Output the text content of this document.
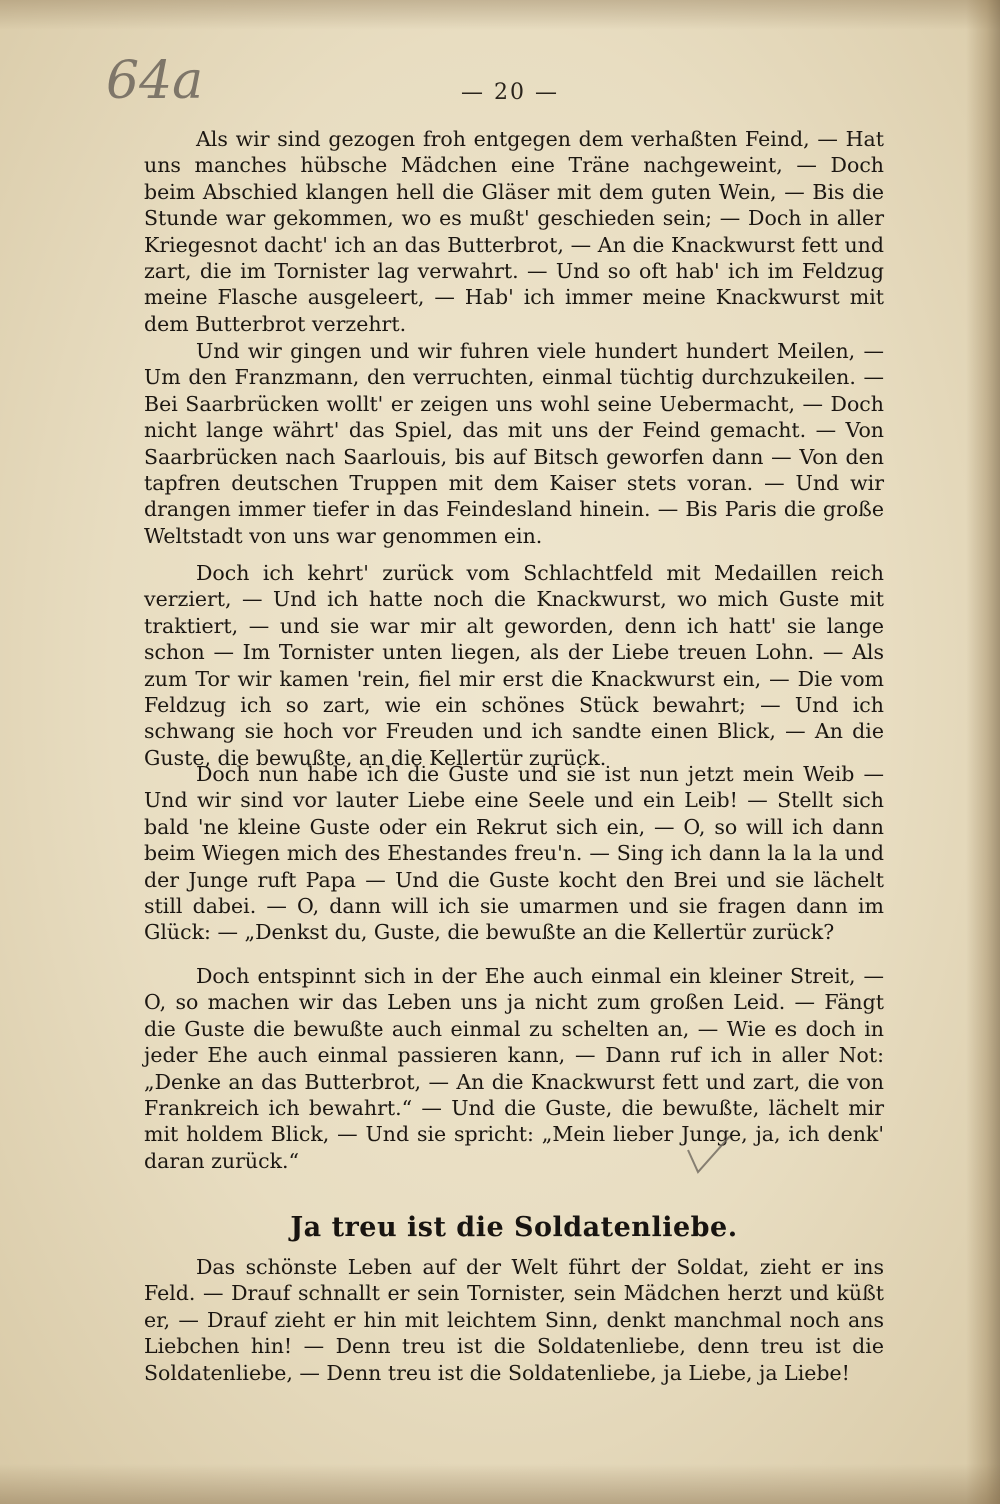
64a	— 20 —

Als wir sind gezogen froh entgegen dem verhaßten Feind, — Hat uns manches hübsche Mädchen eine Träne nachgeweint, — Doch beim Abschied klangen hell die Gläser mit dem guten Wein, — Bis die Stunde war gekommen, wo es mußt' geschieden sein; — Doch in aller Kriegesnot dacht' ich an das Butterbrot, — An die Knackwurst fett und zart, die im Tornister lag verwahrt. — Und so oft hab' ich im Feldzug meine Flasche ausgeleert, — Hab' ich immer meine Knackwurst mit dem Butterbrot verzehrt.

Und wir gingen und wir fuhren viele hundert hundert Meilen, — Um den Franzmann, den verruchten, einmal tüchtig durchzukeilen. — Bei Saarbrücken wollt' er zeigen uns wohl seine Uebermacht, — Doch nicht lange währt' das Spiel, das mit uns der Feind gemacht. — Von Saarbrücken nach Saarlouis, bis auf Bitsch geworfen dann — Von den tapfren deutschen Truppen mit dem Kaiser stets voran. — Und wir drangen immer tiefer in das Feindesland hinein. — Bis Paris die große Weltstadt von uns war genommen ein.

Doch ich kehrt' zurück vom Schlachtfeld mit Medaillen reich verziert, — Und ich hatte noch die Knackwurst, wo mich Guste mit traktiert, — und sie war mir alt geworden, denn ich hatt' sie lange schon — Im Tornister unten liegen, als der Liebe treuen Lohn. — Als zum Tor wir kamen 'rein, fiel mir erst die Knackwurst ein, — Die vom Feldzug ich so zart, wie ein schönes Stück bewahrt; — Und ich schwang sie hoch vor Freuden und ich sandte einen Blick, — An die Guste, die bewußte, an die Kellertür zurück.

Doch nun habe ich die Guste und sie ist nun jetzt mein Weib — Und wir sind vor lauter Liebe eine Seele und ein Leib! — Stellt sich bald 'ne kleine Guste oder ein Rekrut sich ein, — O, so will ich dann beim Wiegen mich des Ehestandes freu'n. — Sing ich dann la la la und der Junge ruft Papa — Und die Guste kocht den Brei und sie lächelt still dabei. — O, dann will ich sie umarmen und sie fragen dann im Glück: — „Denkst du, Guste, die bewußte an die Kellertür zurück?

Doch entspinnt sich in der Ehe auch einmal ein kleiner Streit, — O, so machen wir das Leben uns ja nicht zum großen Leid. — Fängt die Guste die bewußte auch einmal zu schelten an, — Wie es doch in jeder Ehe auch einmal passieren kann, — Dann ruf ich in aller Not: „Denke an das Butterbrot, — An die Knackwurst fett und zart, die von Frankreich ich bewahrt.“ — Und die Guste, die bewußte, lächelt mir mit holdem Blick, — Und sie spricht: „Mein lieber Junge, ja, ich denk' daran zurück.“

Ja treu ist die Soldatenliebe.

Das schönste Leben auf der Welt führt der Soldat, zieht er ins Feld. — Drauf schnallt er sein Tornister, sein Mädchen herzt und küßt er, — Drauf zieht er hin mit leichtem Sinn, denkt manchmal noch ans Liebchen hin! — Denn treu ist die Soldatenliebe, denn treu ist die Soldatenliebe, — Denn treu ist die Soldatenliebe, ja Liebe, ja Liebe!
